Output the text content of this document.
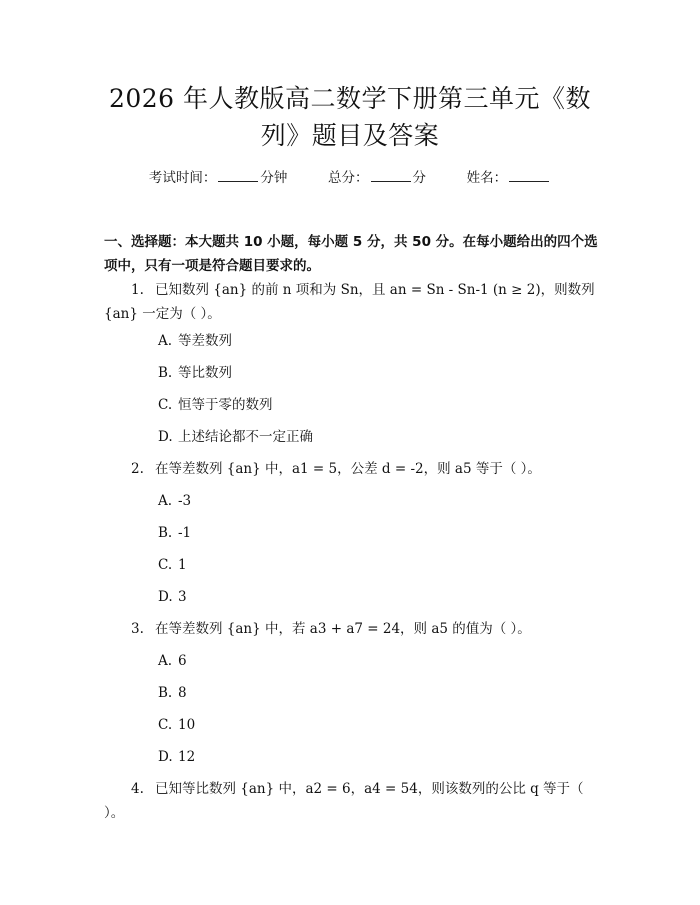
2026 年人教版高二数学下册第三单元《数
列》题目及答案
考试时间：	分钟	总分：	分	姓名：
一、选择题：本大题共 10 小题，每小题 5 分，共 50 分。在每小题给出的四个选项中，只有一项是符合题目要求的。
1. 已知数列 {an} 的前 n 项和为 Sn，且 an = Sn - Sn-1 (n ≥ 2)，则数列 {an} 一定为（ ）。
A. 等差数列
B. 等比数列
C. 恒等于零的数列
D. 上述结论都不一定正确
2. 在等差数列 {an} 中，a1 = 5，公差 d = -2，则 a5 等于（ ）。
A. -3
B. -1
C. 1
D. 3
3. 在等差数列 {an} 中，若 a3 + a7 = 24，则 a5 的值为（ ）。
A. 6
B. 8
C. 10
D. 12
4. 已知等比数列 {an} 中，a2 = 6，a4 = 54，则该数列的公比 q 等于（ ）。
